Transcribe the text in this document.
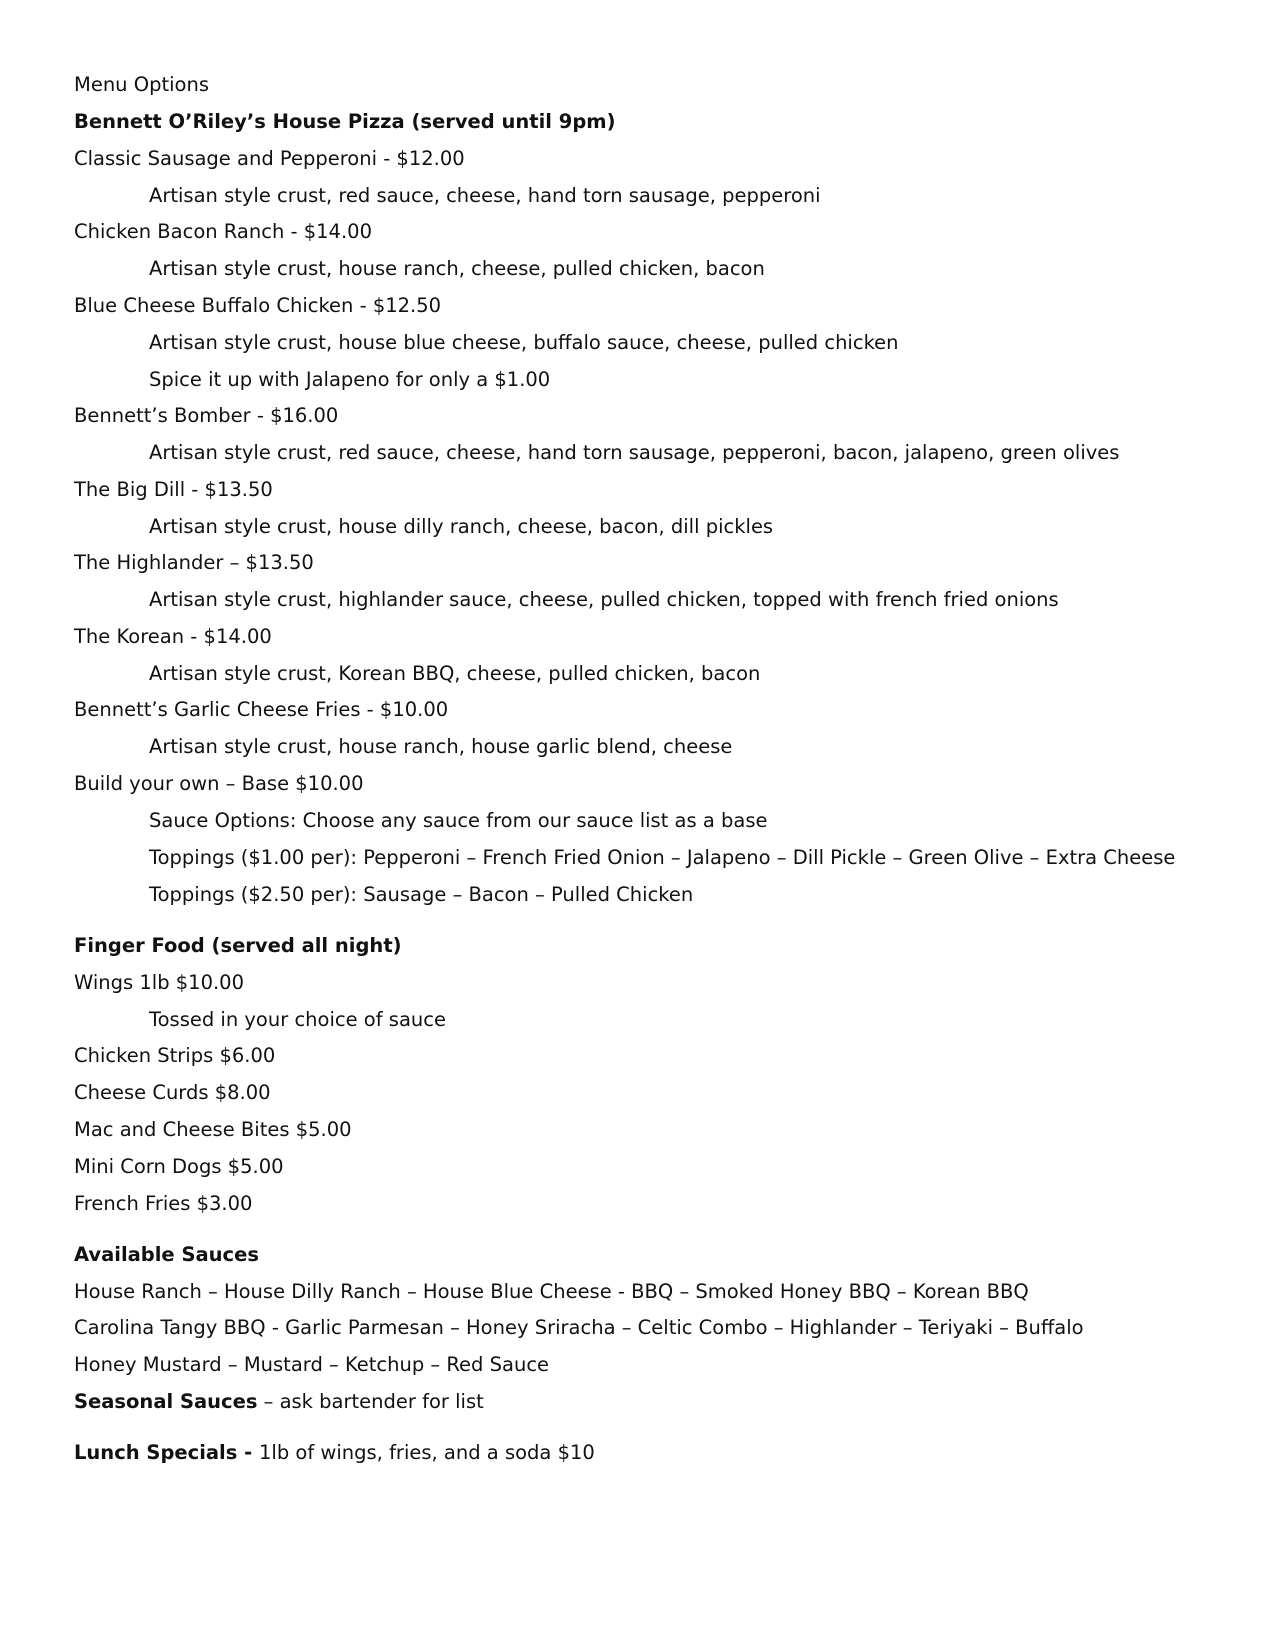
Menu Options
Bennett O’Riley’s House Pizza (served until 9pm)
Classic Sausage and Pepperoni - $12.00
Artisan style crust, red sauce, cheese, hand torn sausage, pepperoni
Chicken Bacon Ranch - $14.00
Artisan style crust, house ranch, cheese, pulled chicken, bacon
Blue Cheese Buffalo Chicken - $12.50
Artisan style crust, house blue cheese, buffalo sauce, cheese, pulled chicken
Spice it up with Jalapeno for only a $1.00
Bennett’s Bomber - $16.00
Artisan style crust, red sauce, cheese, hand torn sausage, pepperoni, bacon, jalapeno, green olives
The Big Dill - $13.50
Artisan style crust, house dilly ranch, cheese, bacon, dill pickles
The Highlander – $13.50
Artisan style crust, highlander sauce, cheese, pulled chicken, topped with french fried onions
The Korean - $14.00
Artisan style crust, Korean BBQ, cheese, pulled chicken, bacon
Bennett’s Garlic Cheese Fries - $10.00
Artisan style crust, house ranch, house garlic blend, cheese
Build your own – Base $10.00
Sauce Options: Choose any sauce from our sauce list as a base
Toppings ($1.00 per): Pepperoni – French Fried Onion – Jalapeno – Dill Pickle – Green Olive – Extra Cheese
Toppings ($2.50 per): Sausage – Bacon – Pulled Chicken
Finger Food (served all night)
Wings 1lb $10.00
Tossed in your choice of sauce
Chicken Strips $6.00
Cheese Curds $8.00
Mac and Cheese Bites $5.00
Mini Corn Dogs $5.00
French Fries $3.00
Available Sauces
House Ranch – House Dilly Ranch – House Blue Cheese - BBQ – Smoked Honey BBQ – Korean BBQ
Carolina Tangy BBQ - Garlic Parmesan – Honey Sriracha – Celtic Combo – Highlander – Teriyaki – Buffalo
Honey Mustard – Mustard – Ketchup – Red Sauce
Seasonal Sauces – ask bartender for list
Lunch Specials - 1lb of wings, fries, and a soda $10
